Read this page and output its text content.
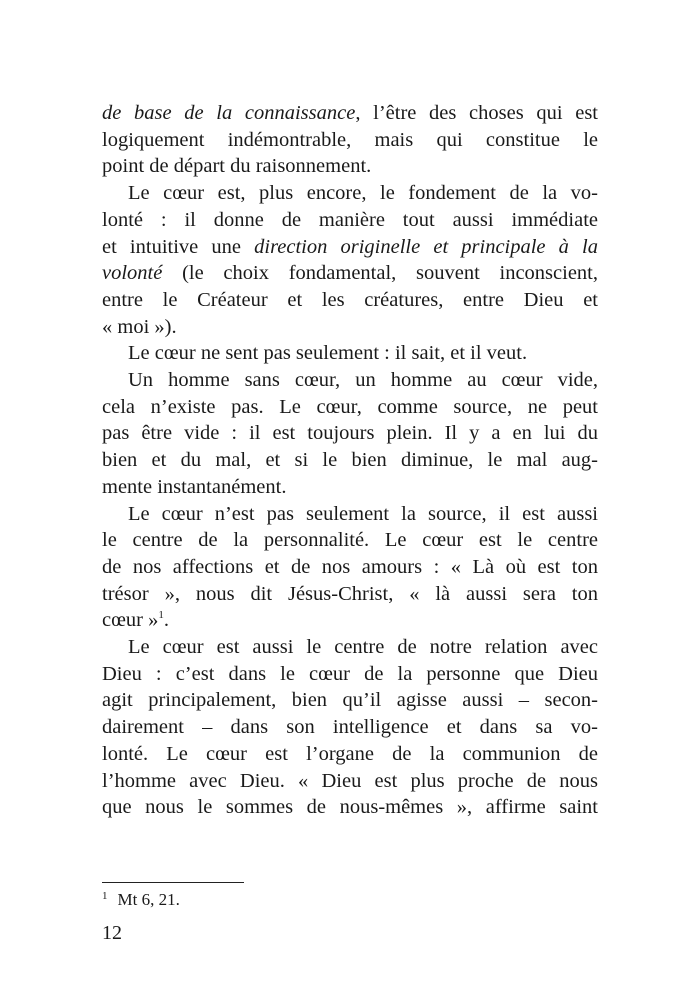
de base de la connaissance, l’être des choses qui est
logiquement indémontrable, mais qui constitue le
point de départ du raisonnement.
Le cœur est, plus encore, le fondement de la vo-
lonté : il donne de manière tout aussi immédiate
et intuitive une direction originelle et principale à la
volonté (le choix fondamental, souvent inconscient,
entre le Créateur et les créatures, entre Dieu et
« moi »).
Le cœur ne sent pas seulement : il sait, et il veut.
Un homme sans cœur, un homme au cœur vide,
cela n’existe pas. Le cœur, comme source, ne peut
pas être vide : il est toujours plein. Il y a en lui du
bien et du mal, et si le bien diminue, le mal aug-
mente instantanément.
Le cœur n’est pas seulement la source, il est aussi
le centre de la personnalité. Le cœur est le centre
de nos affections et de nos amours : « Là où est ton
trésor », nous dit Jésus-Christ, « là aussi sera ton
cœur »$^1$.
Le cœur est aussi le centre de notre relation avec
Dieu : c’est dans le cœur de la personne que Dieu
agit principalement, bien qu’il agisse aussi – secon-
dairement – dans son intelligence et dans sa vo-
lonté. Le cœur est l’organe de la communion de
l’homme avec Dieu. « Dieu est plus proche de nous
que nous le sommes de nous-mêmes », affirme saint
$^1$ Mt 6, 21.
12
